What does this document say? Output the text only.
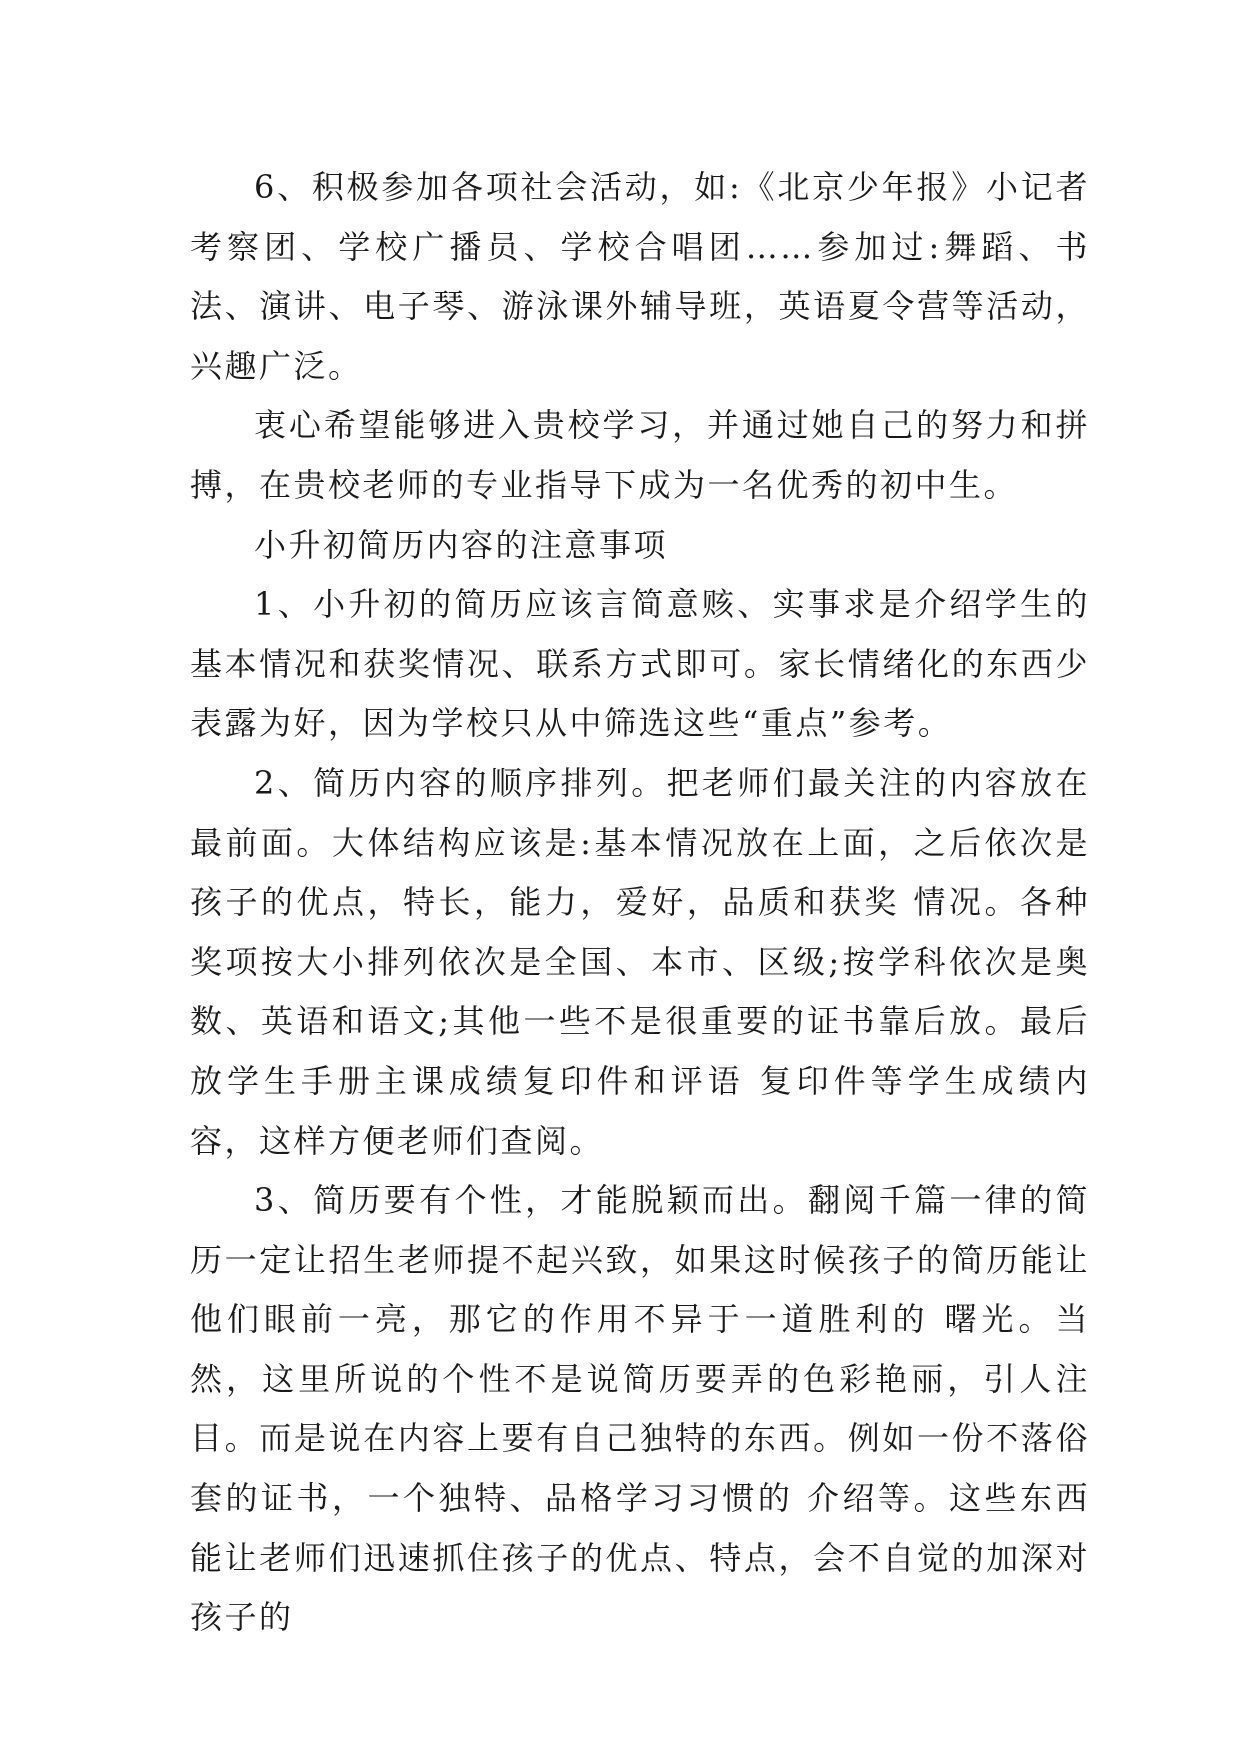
6、积极参加各项社会活动，如:《北京少年报》小记者考察团、学校广播员、学校合唱团……参加过:舞蹈、书法、演讲、电子琴、游泳课外辅导班，英语夏令营等活动，兴趣广泛。

衷心希望能够进入贵校学习，并通过她自己的努力和拼搏，在贵校老师的专业指导下成为一名优秀的初中生。

小升初简历内容的注意事项

1、小升初的简历应该言简意赅、实事求是介绍学生的基本情况和获奖情况、联系方式即可。家长情绪化的东西少表露为好，因为学校只从中筛选这些“重点”参考。

2、简历内容的顺序排列。把老师们最关注的内容放在最前面。大体结构应该是:基本情况放在上面，之后依次是孩子的优点，特长，能力，爱好，品质和获奖 情况。各种奖项按大小排列依次是全国、本市、区级;按学科依次是奥数、英语和语文;其他一些不是很重要的证书靠后放。最后放学生手册主课成绩复印件和评语 复印件等学生成绩内容，这样方便老师们查阅。

3、简历要有个性，才能脱颖而出。翻阅千篇一律的简历一定让招生老师提不起兴致，如果这时候孩子的简历能让他们眼前一亮，那它的作用不异于一道胜利的 曙光。当然，这里所说的个性不是说简历要弄的色彩艳丽，引人注目。而是说在内容上要有自己独特的东西。例如一份不落俗套的证书，一个独特、品格学习习惯的 介绍等。这些东西能让老师们迅速抓住孩子的优点、特点，会不自觉的加深对孩子的
